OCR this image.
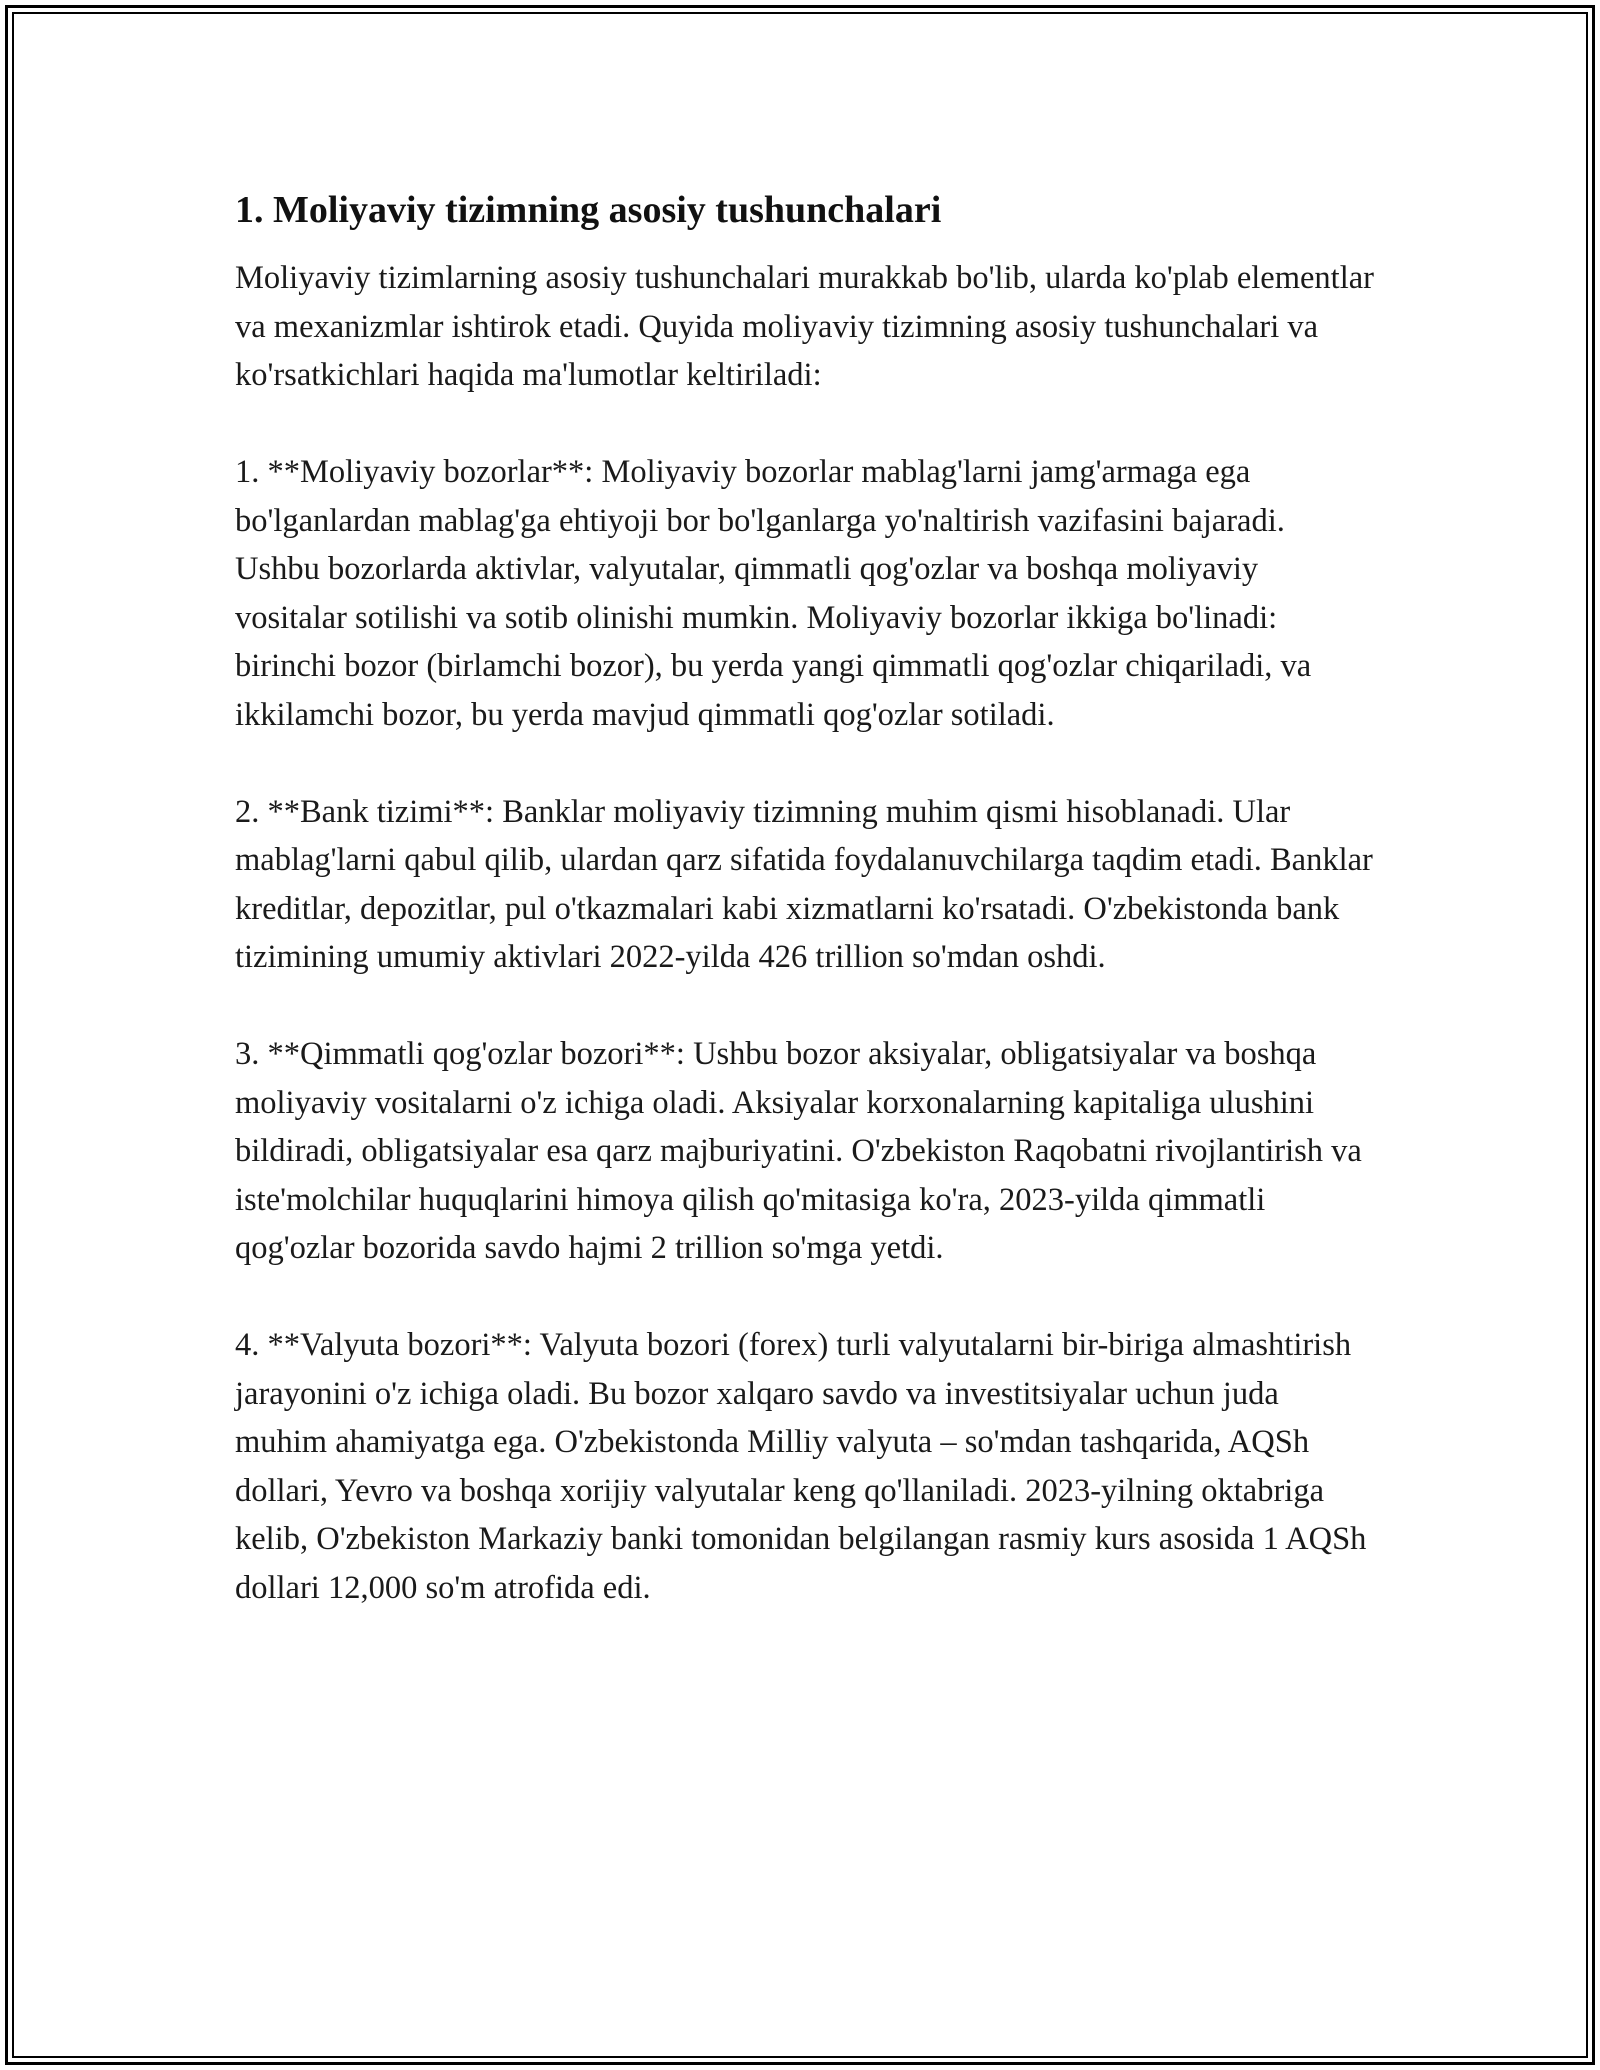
1. Moliyaviy tizimning asosiy tushunchalari

Moliyaviy tizimlarning asosiy tushunchalari murakkab bo'lib, ularda ko'plab elementlar va mexanizmlar ishtirok etadi. Quyida moliyaviy tizimning asosiy tushunchalari va ko'rsatkichlari haqida ma'lumotlar keltiriladi:

1. **Moliyaviy bozorlar**: Moliyaviy bozorlar mablag'larni jamg'armaga ega bo'lganlardan mablag'ga ehtiyoji bor bo'lganlarga yo'naltirish vazifasini bajaradi. Ushbu bozorlarda aktivlar, valyutalar, qimmatli qog'ozlar va boshqa moliyaviy vositalar sotilishi va sotib olinishi mumkin. Moliyaviy bozorlar ikkiga bo'linadi: birinchi bozor (birlamchi bozor), bu yerda yangi qimmatli qog'ozlar chiqariladi, va ikkilamchi bozor, bu yerda mavjud qimmatli qog'ozlar sotiladi.

2. **Bank tizimi**: Banklar moliyaviy tizimning muhim qismi hisoblanadi. Ular mablag'larni qabul qilib, ulardan qarz sifatida foydalanuvchilarga taqdim etadi. Banklar kreditlar, depozitlar, pul o'tkazmalari kabi xizmatlarni ko'rsatadi. O'zbekistonda bank tizimining umumiy aktivlari 2022-yilda 426 trillion so'mdan oshdi.

3. **Qimmatli qog'ozlar bozori**: Ushbu bozor aksiyalar, obligatsiyalar va boshqa moliyaviy vositalarni o'z ichiga oladi. Aksiyalar korxonalarning kapitaliga ulushini bildiradi, obligatsiyalar esa qarz majburiyatini. O'zbekiston Raqobatni rivojlantirish va iste'molchilar huquqlarini himoya qilish qo'mitasiga ko'ra, 2023-yilda qimmatli qog'ozlar bozorida savdo hajmi 2 trillion so'mga yetdi.

4. **Valyuta bozori**: Valyuta bozori (forex) turli valyutalarni bir-biriga almashtirish jarayonini o'z ichiga oladi. Bu bozor xalqaro savdo va investitsiyalar uchun juda muhim ahamiyatga ega. O'zbekistonda Milliy valyuta – so'mdan tashqarida, AQSh dollari, Yevro va boshqa xorijiy valyutalar keng qo'llaniladi. 2023-yilning oktabriga kelib, O'zbekiston Markaziy banki tomonidan belgilangan rasmiy kurs asosida 1 AQSh dollari 12,000 so'm atrofida edi.
